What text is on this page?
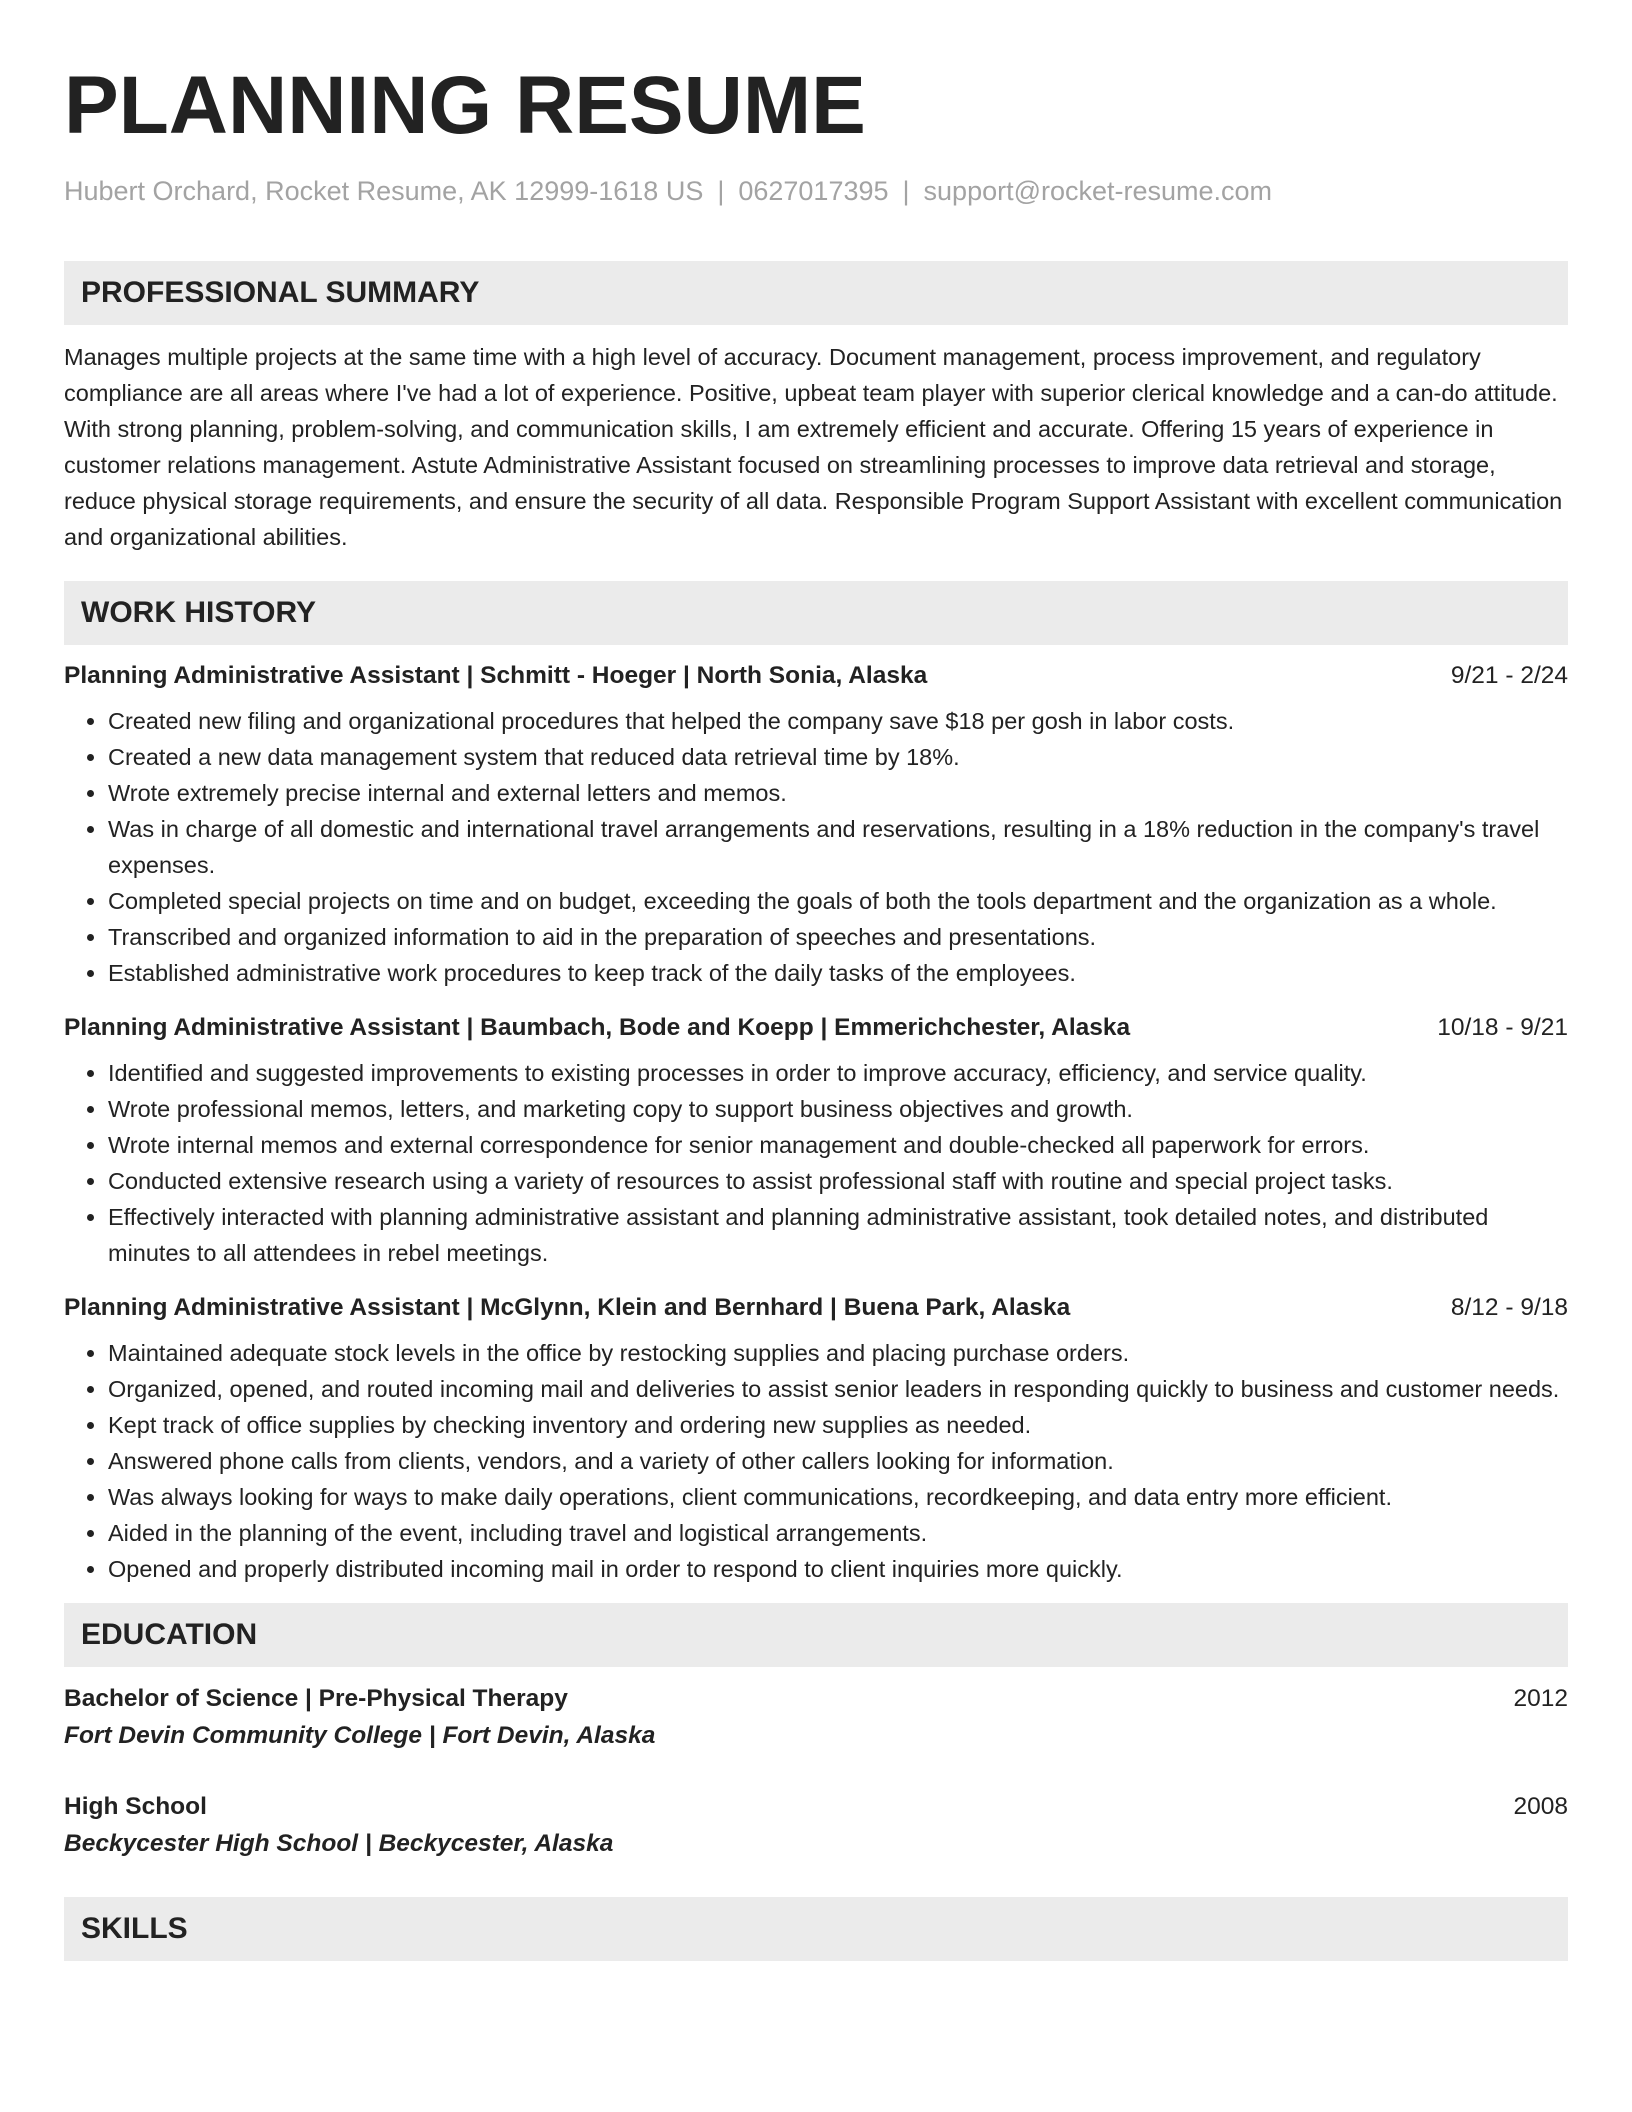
PLANNING RESUME
Hubert Orchard, Rocket Resume, AK 12999-1618 US | 0627017395 | support@rocket-resume.com
PROFESSIONAL SUMMARY
Manages multiple projects at the same time with a high level of accuracy. Document management, process improvement, and regulatory compliance are all areas where I've had a lot of experience. Positive, upbeat team player with superior clerical knowledge and a can-do attitude. With strong planning, problem-solving, and communication skills, I am extremely efficient and accurate. Offering 15 years of experience in customer relations management. Astute Administrative Assistant focused on streamlining processes to improve data retrieval and storage, reduce physical storage requirements, and ensure the security of all data. Responsible Program Support Assistant with excellent communication and organizational abilities.
WORK HISTORY
Planning Administrative Assistant | Schmitt - Hoeger | North Sonia, Alaska	9/21 - 2/24
• Created new filing and organizational procedures that helped the company save $18 per gosh in labor costs.
• Created a new data management system that reduced data retrieval time by 18%.
• Wrote extremely precise internal and external letters and memos.
• Was in charge of all domestic and international travel arrangements and reservations, resulting in a 18% reduction in the company's travel expenses.
• Completed special projects on time and on budget, exceeding the goals of both the tools department and the organization as a whole.
• Transcribed and organized information to aid in the preparation of speeches and presentations.
• Established administrative work procedures to keep track of the daily tasks of the employees.
Planning Administrative Assistant | Baumbach, Bode and Koepp | Emmerichchester, Alaska	10/18 - 9/21
• Identified and suggested improvements to existing processes in order to improve accuracy, efficiency, and service quality.
• Wrote professional memos, letters, and marketing copy to support business objectives and growth.
• Wrote internal memos and external correspondence for senior management and double-checked all paperwork for errors.
• Conducted extensive research using a variety of resources to assist professional staff with routine and special project tasks.
• Effectively interacted with planning administrative assistant and planning administrative assistant, took detailed notes, and distributed minutes to all attendees in rebel meetings.
Planning Administrative Assistant | McGlynn, Klein and Bernhard | Buena Park, Alaska	8/12 - 9/18
• Maintained adequate stock levels in the office by restocking supplies and placing purchase orders.
• Organized, opened, and routed incoming mail and deliveries to assist senior leaders in responding quickly to business and customer needs.
• Kept track of office supplies by checking inventory and ordering new supplies as needed.
• Answered phone calls from clients, vendors, and a variety of other callers looking for information.
• Was always looking for ways to make daily operations, client communications, recordkeeping, and data entry more efficient.
• Aided in the planning of the event, including travel and logistical arrangements.
• Opened and properly distributed incoming mail in order to respond to client inquiries more quickly.
EDUCATION
Bachelor of Science | Pre-Physical Therapy	2012
Fort Devin Community College | Fort Devin, Alaska
High School	2008
Beckycester High School | Beckycester, Alaska
SKILLS
